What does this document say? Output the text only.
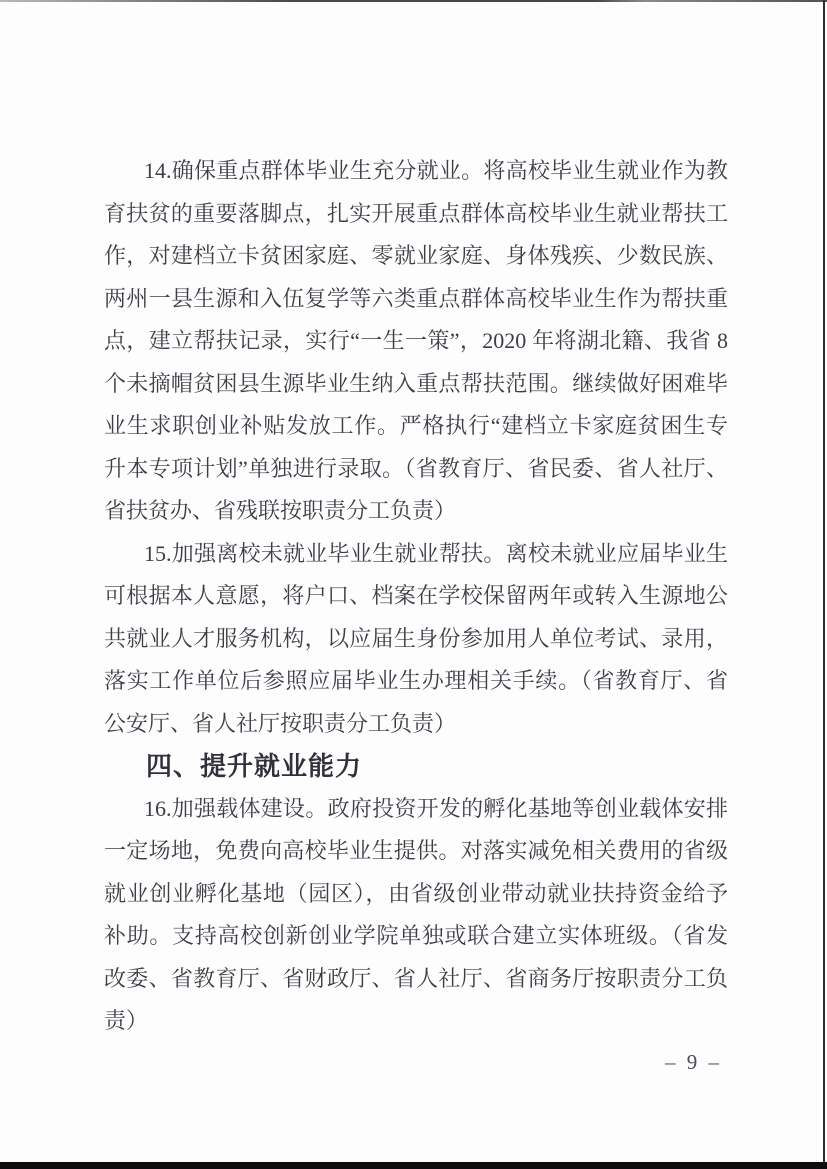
14.确保重点群体毕业生充分就业。将高校毕业生就业作为教育扶贫的重要落脚点，扎实开展重点群体高校毕业生就业帮扶工作，对建档立卡贫困家庭、零就业家庭、身体残疾、少数民族、两州一县生源和入伍复学等六类重点群体高校毕业生作为帮扶重点，建立帮扶记录，实行“一生一策”，2020 年将湖北籍、我省 8 个未摘帽贫困县生源毕业生纳入重点帮扶范围。继续做好困难毕业生求职创业补贴发放工作。严格执行“建档立卡家庭贫困生专升本专项计划”单独进行录取。（省教育厅、省民委、省人社厅、省扶贫办、省残联按职责分工负责）

15.加强离校未就业毕业生就业帮扶。离校未就业应届毕业生可根据本人意愿，将户口、档案在学校保留两年或转入生源地公共就业人才服务机构，以应届生身份参加用人单位考试、录用，落实工作单位后参照应届毕业生办理相关手续。（省教育厅、省公安厅、省人社厅按职责分工负责）

四、提升就业能力

16.加强载体建设。政府投资开发的孵化基地等创业载体安排一定场地，免费向高校毕业生提供。对落实减免相关费用的省级就业创业孵化基地（园区），由省级创业带动就业扶持资金给予补助。支持高校创新创业学院单独或联合建立实体班级。（省发改委、省教育厅、省财政厅、省人社厅、省商务厅按职责分工负责）

– 9 –
